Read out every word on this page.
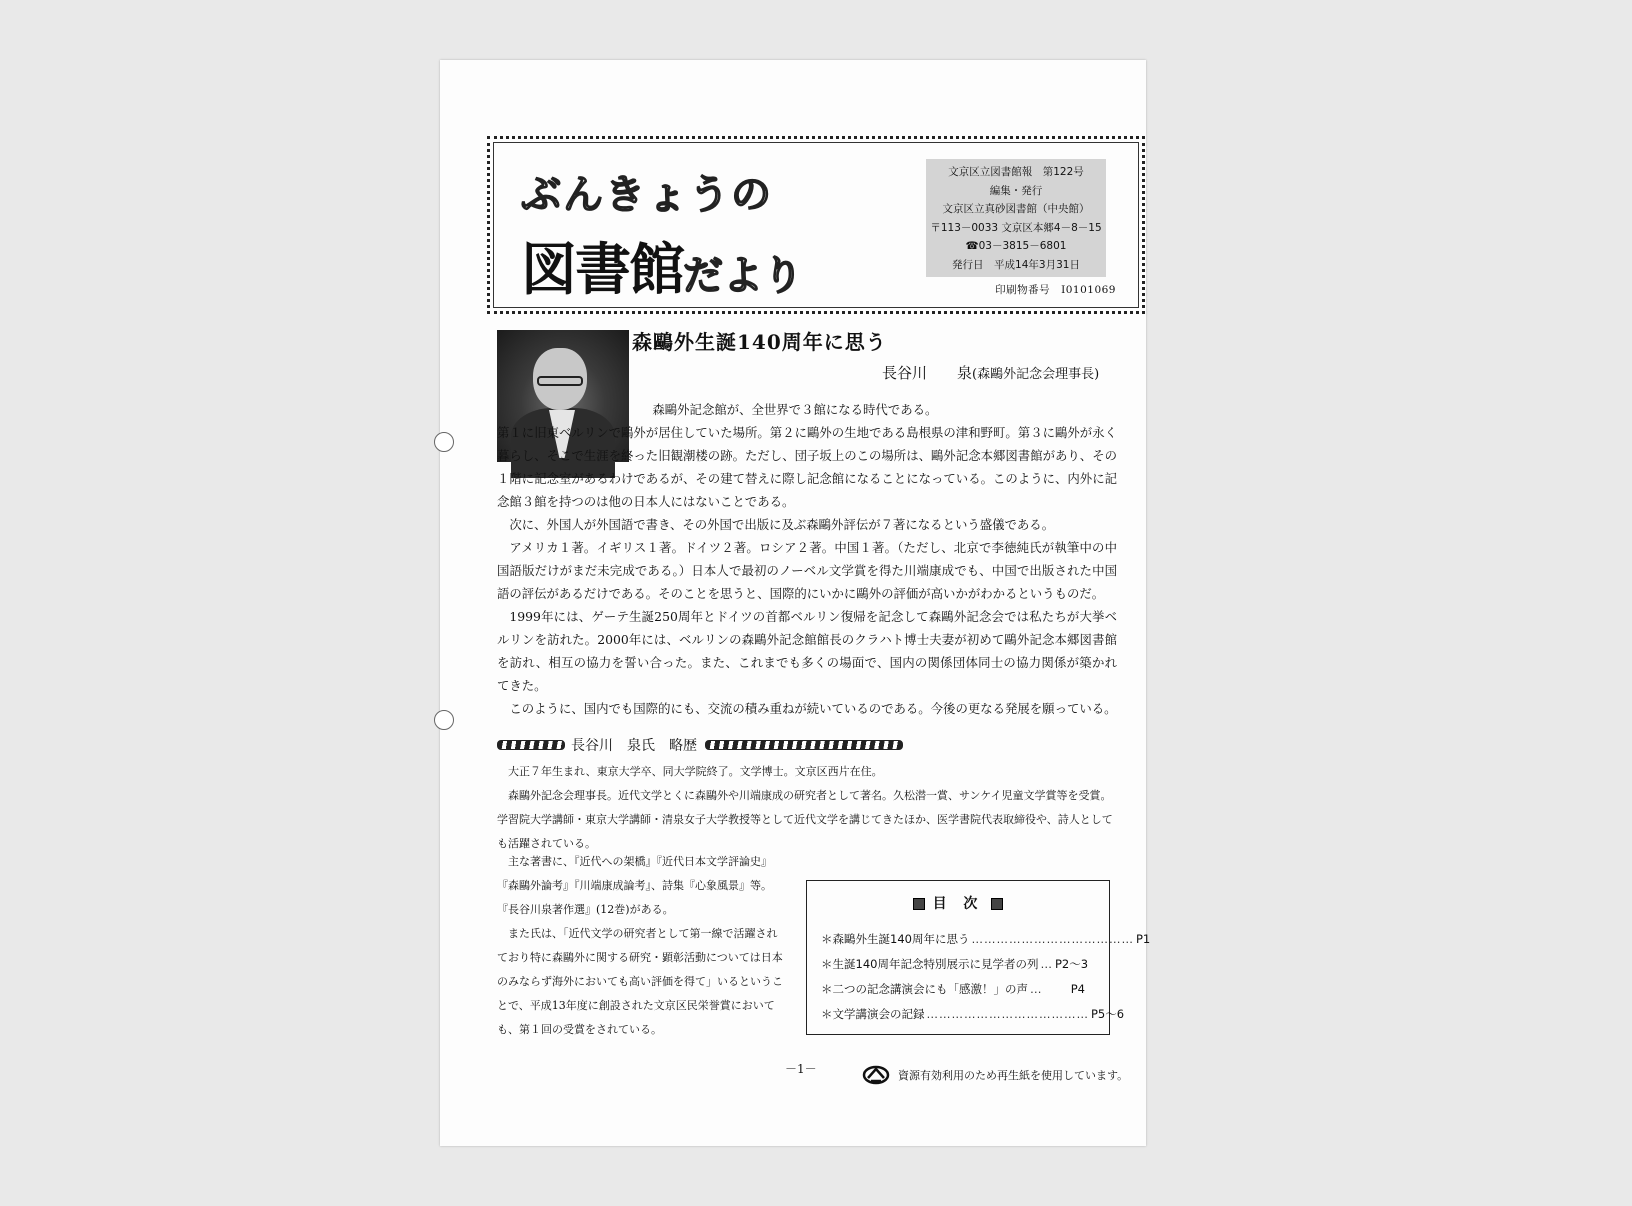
ぶんきょうの
図書館だより
文京区立図書館報　第122号
編集・発行
文京区立真砂図書館（中央館）
〒113－0033 文京区本郷4－8－15
☎03－3815－6801
発行日　平成14年3月31日
印刷物番号　I0101069
森鷗外生誕140周年に思う
長谷川　　泉(森鷗外記念会理事長)

森鷗外記念館が、全世界で３館になる時代である。

第１に旧東ベルリンで鷗外が居住していた場所。第２に鷗外の生地である島根県の津和野町。第３に鷗外が永く暮らし、そこで生涯を終った旧観潮楼の跡。ただし、団子坂上のこの場所は、鷗外記念本郷図書館があり、その１階に記念室があるわけであるが、その建て替えに際し記念館になることになっている。このように、内外に記念館３館を持つのは他の日本人にはないことである。

次に、外国人が外国語で書き、その外国で出版に及ぶ森鷗外評伝が７著になるという盛儀である。

アメリカ１著。イギリス１著。ドイツ２著。ロシア２著。中国１著。（ただし、北京で李徳純氏が執筆中の中国語版だけがまだ未完成である。）日本人で最初のノーベル文学賞を得た川端康成でも、中国で出版された中国語の評伝があるだけである。そのことを思うと、国際的にいかに鷗外の評価が高いかがわかるというものだ。

1999年には、ゲーテ生誕250周年とドイツの首都ベルリン復帰を記念して森鷗外記念会では私たちが大挙ベルリンを訪れた。2000年には、ベルリンの森鷗外記念館館長のクラハト博士夫妻が初めて鷗外記念本郷図書館を訪れ、相互の協力を誓い合った。また、これまでも多くの場面で、国内の関係団体同士の協力関係が築かれてきた。

このように、国内でも国際的にも、交流の積み重ねが続いているのである。今後の更なる発展を願っている。

長谷川　泉氏　略歴

大正７年生まれ、東京大学卒、同大学院終了。文学博士。文京区西片在住。

森鷗外記念会理事長。近代文学とくに森鷗外や川端康成の研究者として著名。久松潜一賞、サンケイ児童文学賞等を受賞。学習院大学講師・東京大学講師・清泉女子大学教授等として近代文学を講じてきたほか、医学書院代表取締役や、詩人としても活躍されている。

主な著書に、『近代への架橋』『近代日本文学評論史』『森鷗外論考』『川端康成論考』、詩集『心象風景』等。『長谷川泉著作選』(12巻)がある。

また氏は、「近代文学の研究者として第一線で活躍されており特に森鷗外に関する研究・顕彰活動については日本のみならず海外においても高い評価を得て」いるということで、平成13年度に創設された文京区民栄誉賞においても、第１回の受賞をされている。

目 次
＊森鷗外生誕140周年に思う ………………………………… P1
＊生誕140周年記念特別展示に見学者の列 … P2～3
＊二つの記念講演会にも「感激！」の声 …	P4
＊文学講演会の記録 ………………………………… P5～6
－1－	資源有効利用のため再生紙を使用しています。
